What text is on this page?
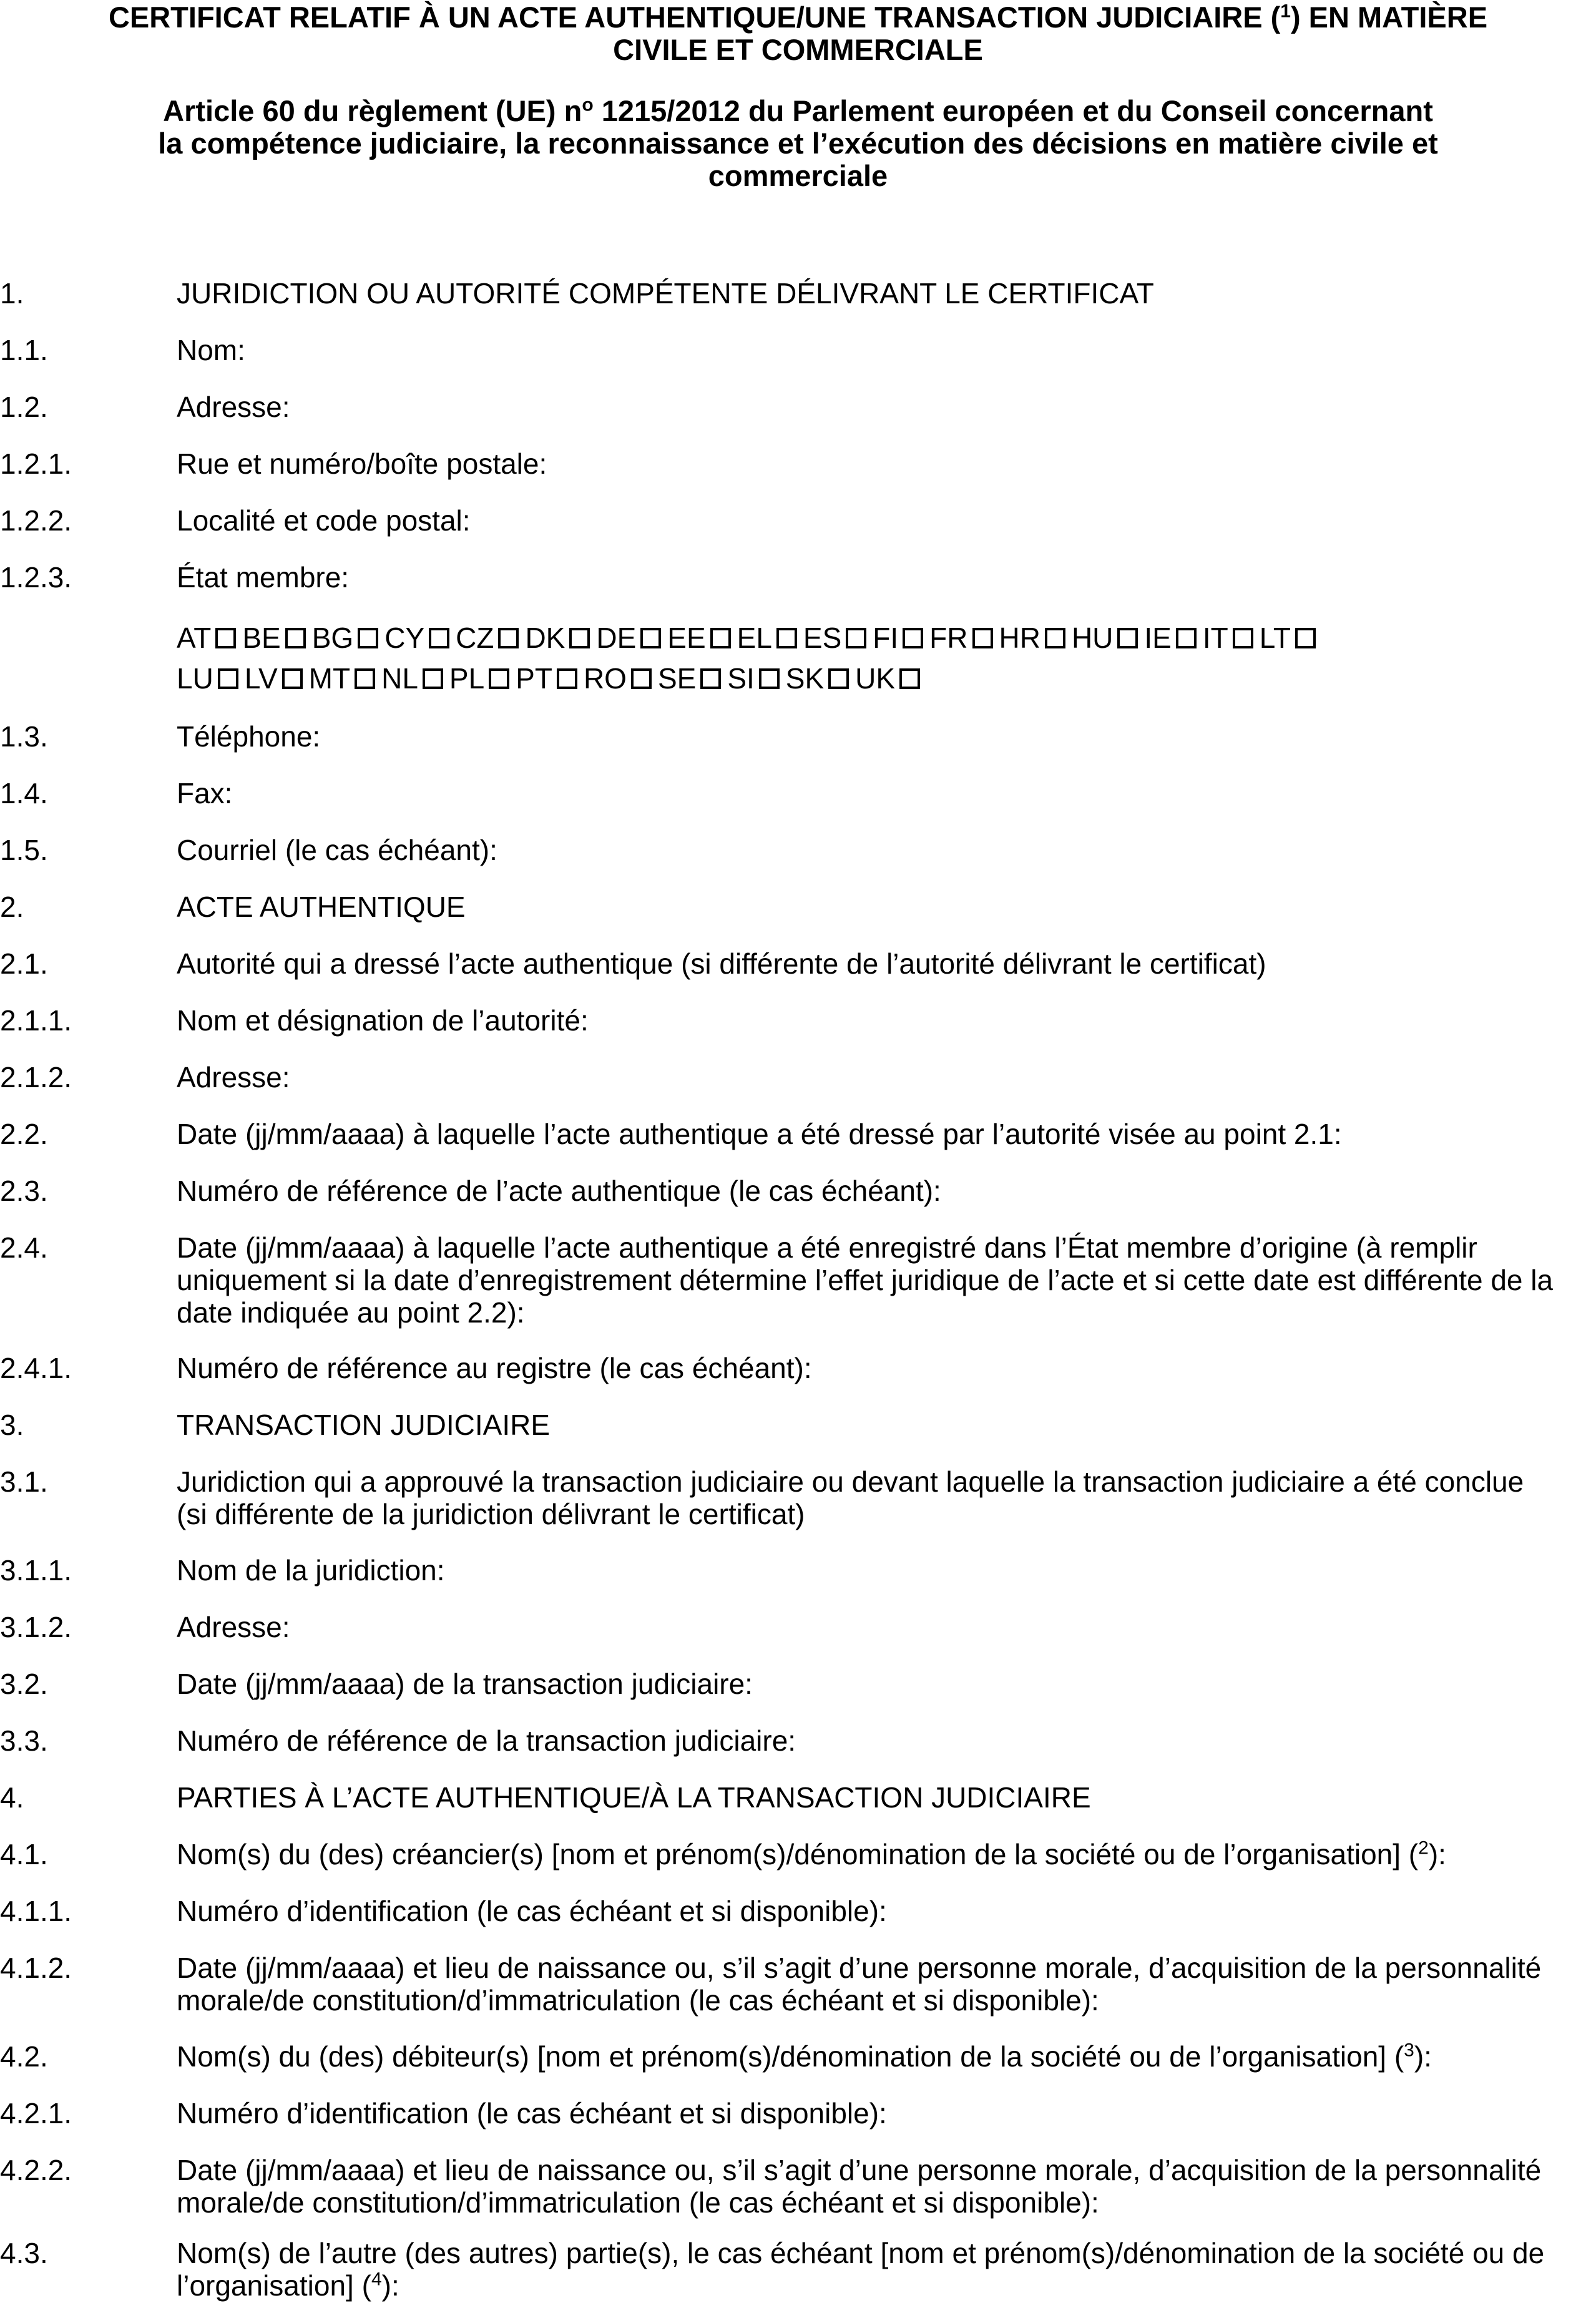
CERTIFICAT RELATIF À UN ACTE AUTHENTIQUE/UNE TRANSACTION JUDICIAIRE ($^1$) EN MATIÈRE
CIVILE ET COMMERCIALE
Article 60 du règlement (UE) $n^o$ 1215/2012 du Parlement européen et du Conseil concernant
la compétence judiciaire, la reconnaissance et l’exécution des décisions en matière civile et
commerciale
1.	JURIDICTION OU AUTORITÉ COMPÉTENTE DÉLIVRANT LE CERTIFICAT
1.1.	Nom:
1.2.	Adresse:
1.2.1.	Rue et numéro/boîte postale:
1.2.2.	Localité et code postal:
1.2.3.	État membre:
AT BE BG CY CZ DK DE EE EL ES FI FR HR HU IE IT LT
LU LV MT NL PL PT RO SE SI SK UK
1.3.	Téléphone:
1.4.	Fax:
1.5.	Courriel (le cas échéant):
2.	ACTE AUTHENTIQUE
2.1.	Autorité qui a dressé l’acte authentique (si différente de l’autorité délivrant le certificat)
2.1.1.	Nom et désignation de l’autorité:
2.1.2.	Adresse:
2.2.	Date (jj/mm/aaaa) à laquelle l’acte authentique a été dressé par l’autorité visée au point 2.1:
2.3.	Numéro de référence de l’acte authentique (le cas échéant):
2.4.	Date (jj/mm/aaaa) à laquelle l’acte authentique a été enregistré dans l’État membre d’origine (à remplir
uniquement si la date d’enregistrement détermine l’effet juridique de l’acte et si cette date est différente de la
date indiquée au point 2.2):
2.4.1.	Numéro de référence au registre (le cas échéant):
3.	TRANSACTION JUDICIAIRE
3.1.	Juridiction qui a approuvé la transaction judiciaire ou devant laquelle la transaction judiciaire a été conclue
(si différente de la juridiction délivrant le certificat)
3.1.1.	Nom de la juridiction:
3.1.2.	Adresse:
3.2.	Date (jj/mm/aaaa) de la transaction judiciaire:
3.3.	Numéro de référence de la transaction judiciaire:
4.	PARTIES À L’ACTE AUTHENTIQUE/À LA TRANSACTION JUDICIAIRE
4.1.	Nom(s) du (des) créancier(s) [nom et prénom(s)/dénomination de la société ou de l’organisation] ($^2$):
4.1.1.	Numéro d’identification (le cas échéant et si disponible):
4.1.2.	Date (jj/mm/aaaa) et lieu de naissance ou, s’il s’agit d’une personne morale, d’acquisition de la personnalité
morale/de constitution/d’immatriculation (le cas échéant et si disponible):
4.2.	Nom(s) du (des) débiteur(s) [nom et prénom(s)/dénomination de la société ou de l’organisation] ($^3$):
4.2.1.	Numéro d’identification (le cas échéant et si disponible):
4.2.2.	Date (jj/mm/aaaa) et lieu de naissance ou, s’il s’agit d’une personne morale, d’acquisition de la personnalité
morale/de constitution/d’immatriculation (le cas échéant et si disponible):
4.3.	Nom(s) de l’autre (des autres) partie(s), le cas échéant [nom et prénom(s)/dénomination de la société ou de
l’organisation] ($^4$):
